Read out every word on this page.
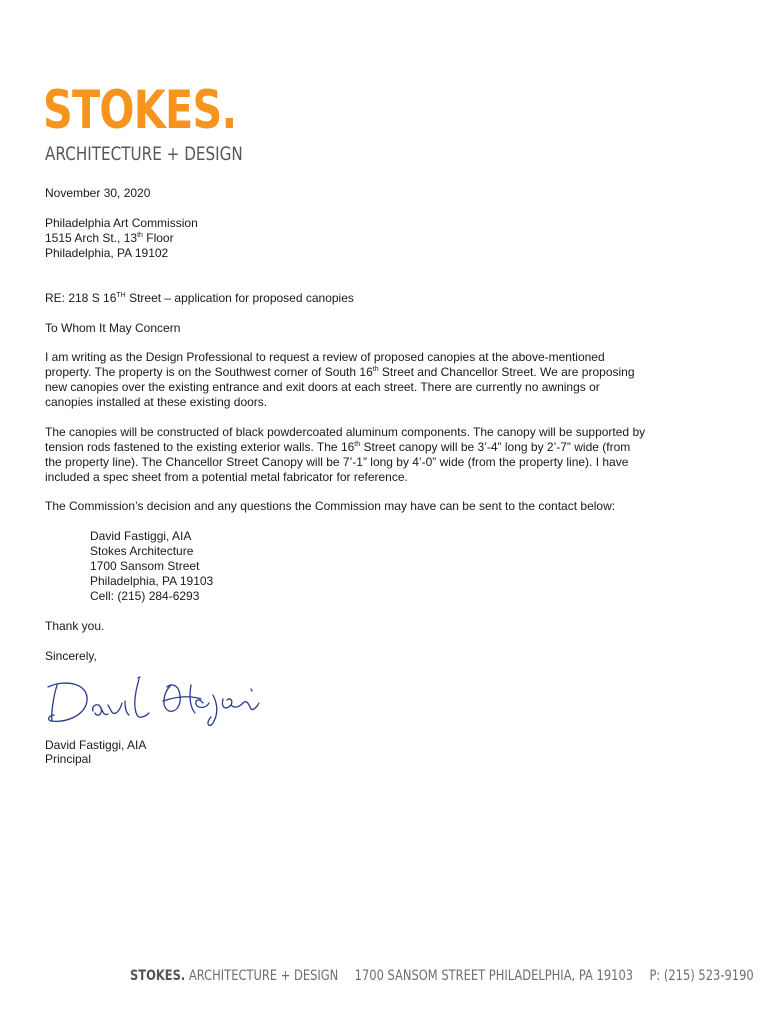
STOKES.
ARCHITECTURE + DESIGN
November 30, 2020
Philadelphia Art Commission
1515 Arch St., 13th Floor
Philadelphia, PA 19102
RE: 218 S 16TH Street – application for proposed canopies
To Whom It May Concern
I am writing as the Design Professional to request a review of proposed canopies at the above-mentioned
property. The property is on the Southwest corner of South 16th Street and Chancellor Street. We are proposing
new canopies over the existing entrance and exit doors at each street. There are currently no awnings or
canopies installed at these existing doors.
The canopies will be constructed of black powdercoated aluminum components. The canopy will be supported by
tension rods fastened to the existing exterior walls. The 16th Street canopy will be 3’-4” long by 2’-7” wide (from
the property line). The Chancellor Street Canopy will be 7’-1” long by 4’-0” wide (from the property line). I have
included a spec sheet from a potential metal fabricator for reference.
The Commission’s decision and any questions the Commission may have can be sent to the contact below:
David Fastiggi, AIA
Stokes Architecture
1700 Sansom Street
Philadelphia, PA 19103
Cell: (215) 284-6293
Thank you.
Sincerely,
David Fastiggi, AIA
Principal
STOKES. ARCHITECTURE + DESIGN 1700 SANSOM STREET PHILADELPHIA, PA 19103 P: (215) 523-9190
